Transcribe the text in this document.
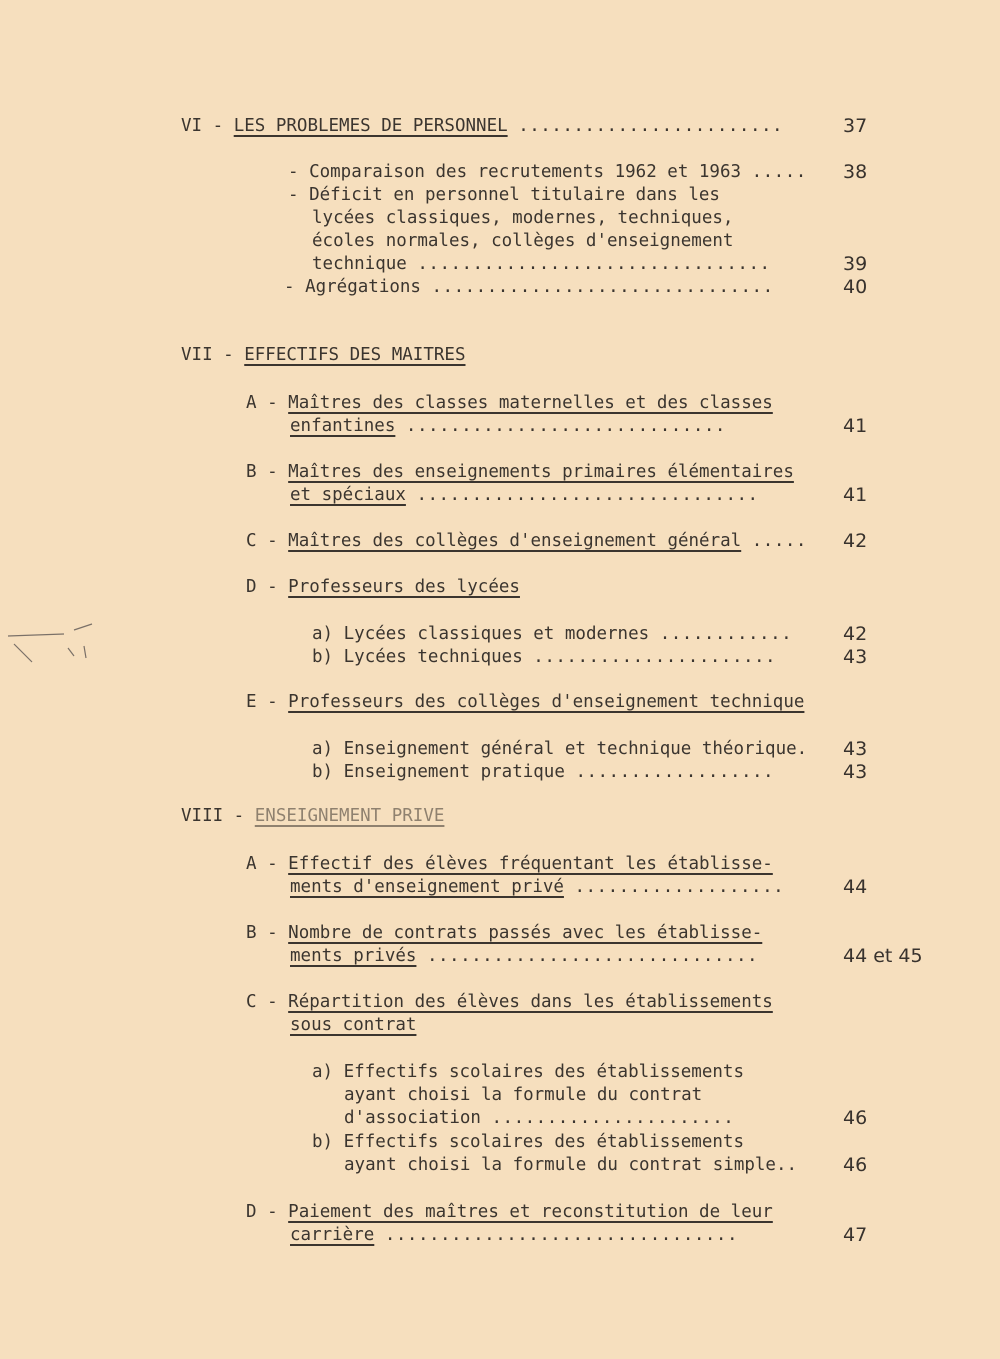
VI - LES PROBLEMES DE PERSONNEL ........................	37
- Comparaison des recrutements 1962 et 1963 ..... 38
- Déficit en personnel titulaire dans les
lycées classiques, modernes, techniques,
écoles normales, collèges d'enseignement
technique ................................	39
- Agrégations ...............................	40
VII - EFFECTIFS DES MAITRES
A - Maîtres des classes maternelles et des classes
enfantines .............................	41
B - Maîtres des enseignements primaires élémentaires
et spéciaux ...............................	41
C - Maîtres des collèges d'enseignement général ..... 42
D - Professeurs des lycées
a) Lycées classiques et modernes ............	42
b) Lycées techniques ......................	43
E - Professeurs des collèges d'enseignement technique
a) Enseignement général et technique théorique. 43
b) Enseignement pratique ..................	43
VIII - ENSEIGNEMENT PRIVE
A - Effectif des élèves fréquentant les établisse-
ments d'enseignement privé ...................	44
B - Nombre de contrats passés avec les établisse-
ments privés ..............................	44 et 45
C - Répartition des élèves dans les établissements
sous contrat
a) Effectifs scolaires des établissements
ayant choisi la formule du contrat
d'association ......................	46
b) Effectifs scolaires des établissements
ayant choisi la formule du contrat simple.. 46
D - Paiement des maîtres et reconstitution de leur
carrière ................................	47
